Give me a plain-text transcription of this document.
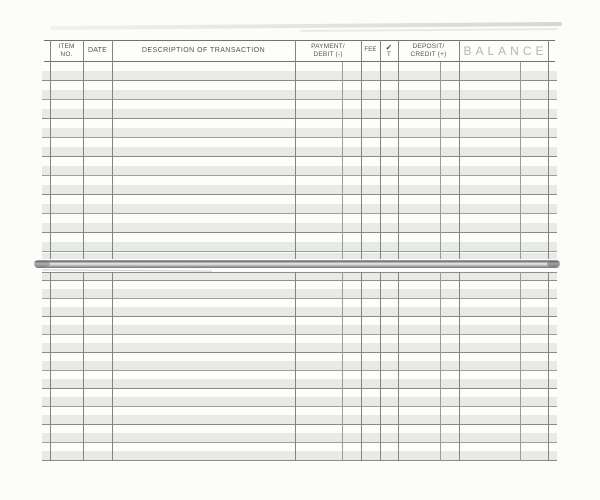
ITEM
NO.
DATE	DESCRIPTION OF TRANSACTION
PAYMENT/
DEBIT (-)
FEE ✓
T
DEPOSIT/
CREDIT (+)	BALANCE
